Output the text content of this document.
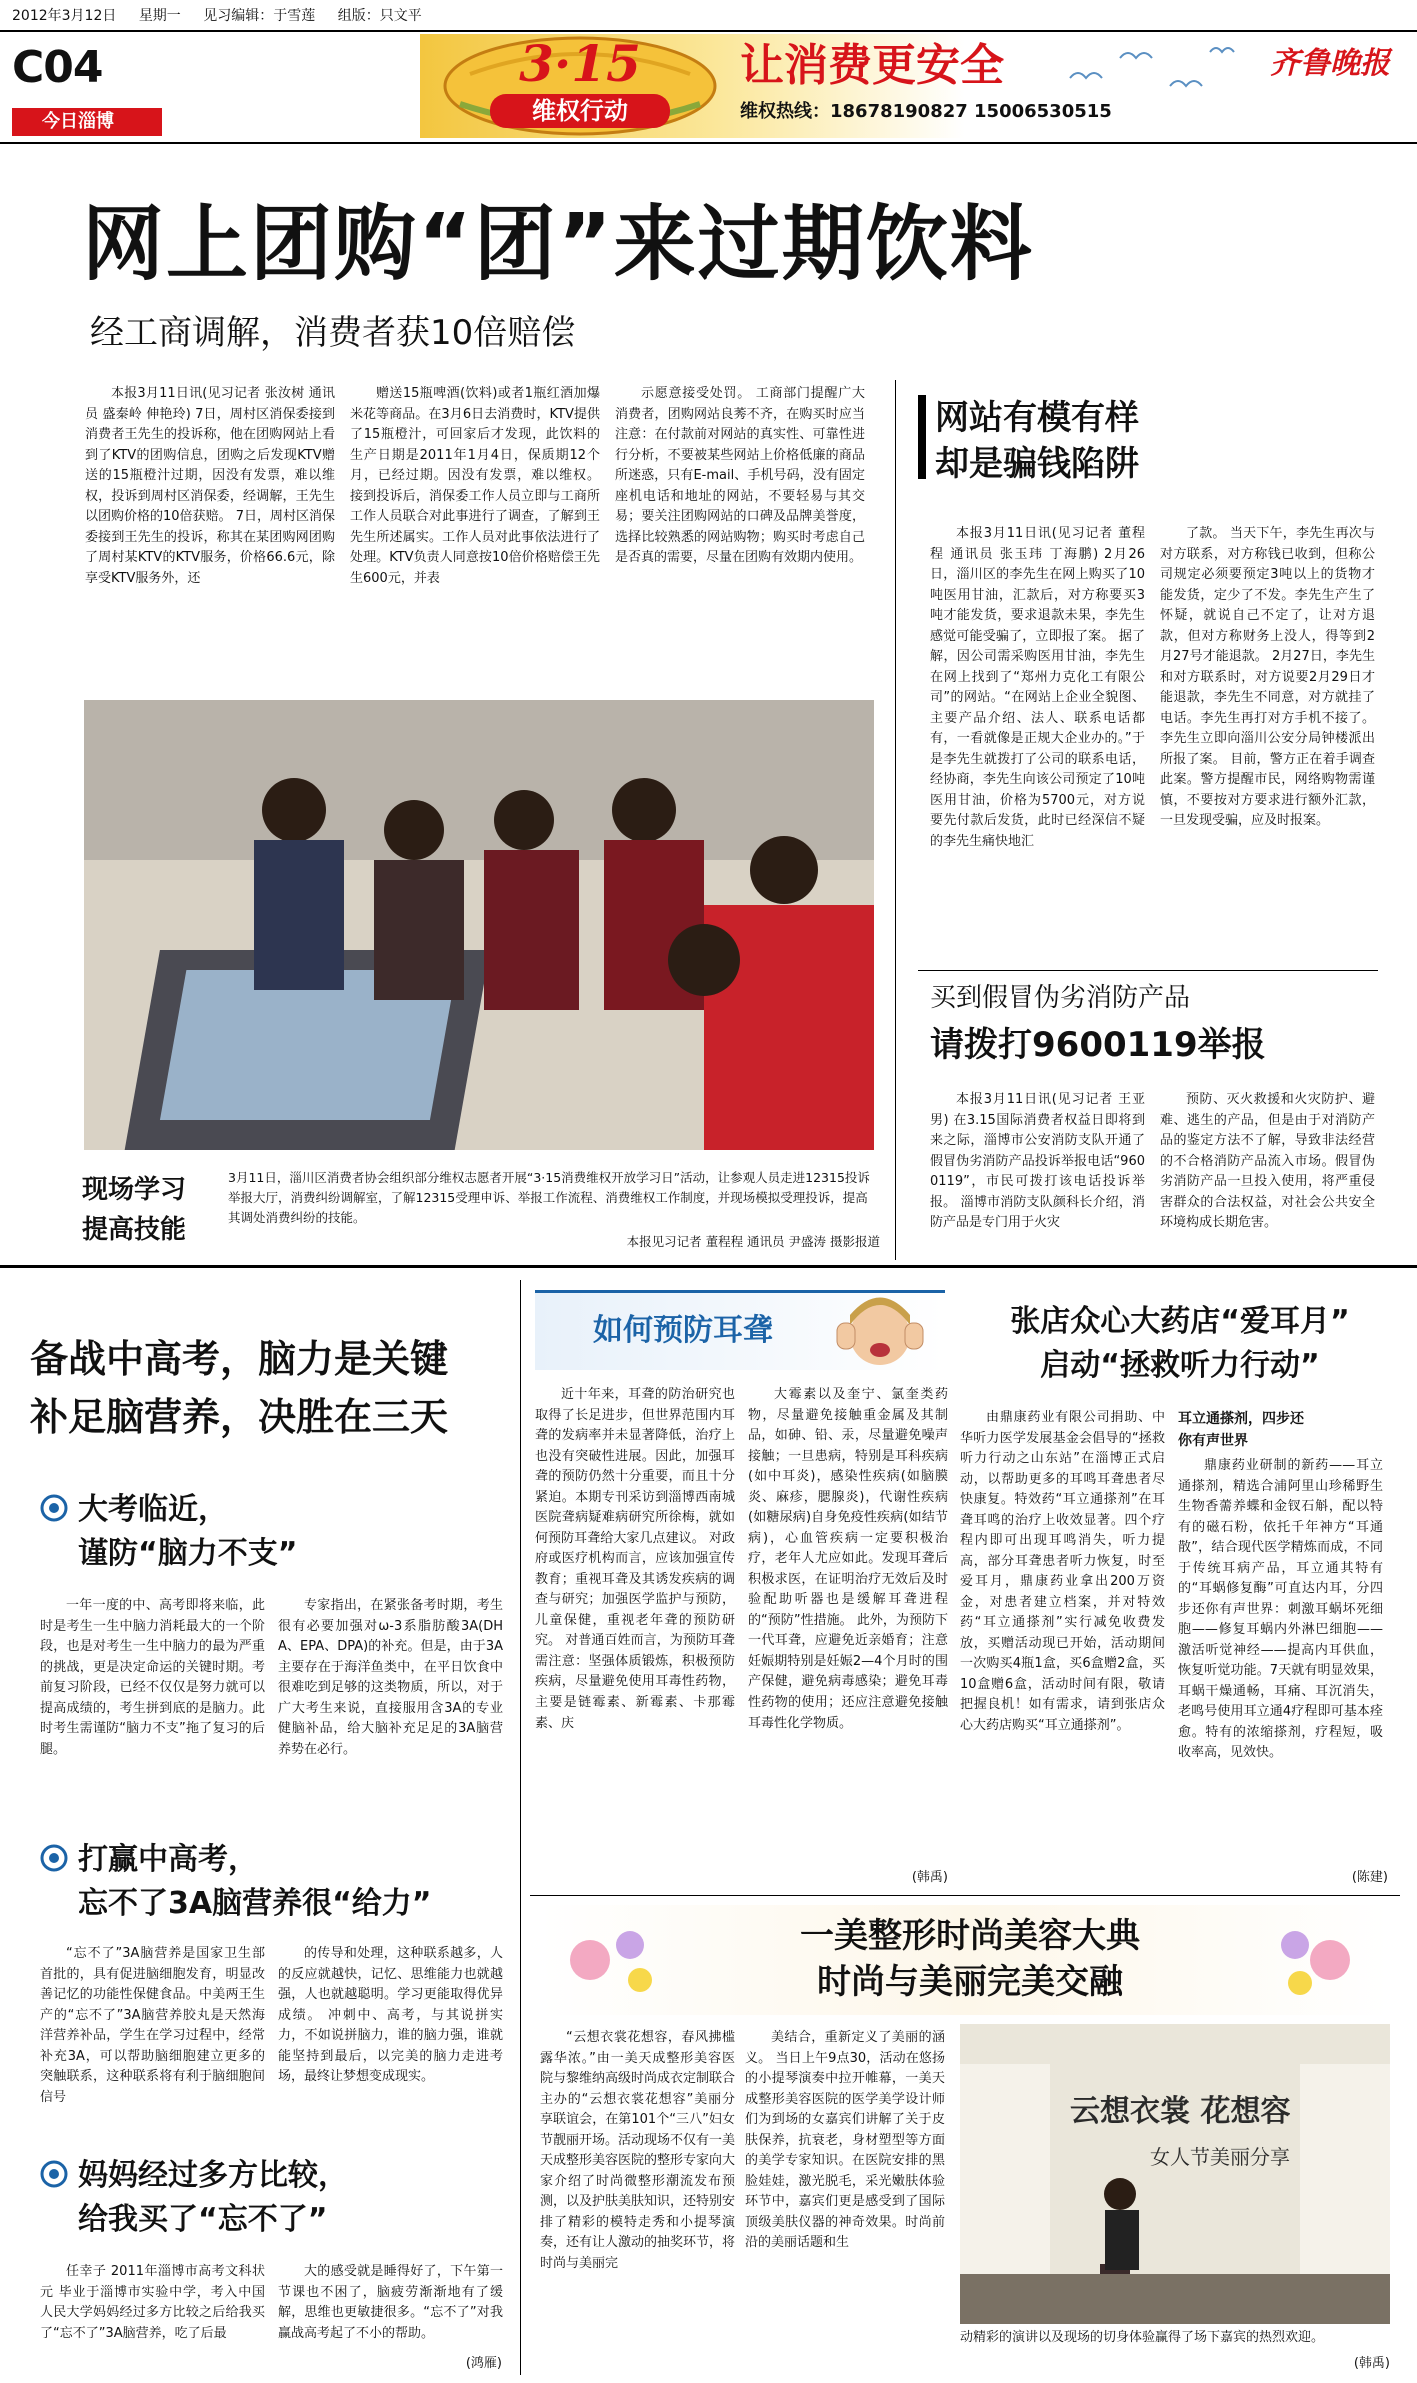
2012年3月12日 星期一 见习编辑：于雪莲 组版：只文平
C04
今日淄博
3·15
维权行动
让消费更安全
维权热线：18678190827 15006530515
齐鲁晚报
网上团购“团”来过期饮料
经工商调解，消费者获10倍赔偿
本报3月11日讯(见习记者 张汝树 通讯员 盛秦岭 伸艳玲) 7日，周村区消保委接到消费者王先生的投诉称，他在团购网站上看到了KTV的团购信息，团购之后发现KTV赠送的15瓶橙汁过期，因没有发票，难以维权，投诉到周村区消保委，经调解，王先生以团购价格的10倍获赔。 7日，周村区消保委接到王先生的投诉，称其在某团购网团购了周村某KTV的KTV服务，价格66.6元，除享受KTV服务外，还
赠送15瓶啤酒(饮料)或者1瓶红酒加爆米花等商品。在3月6日去消费时，KTV提供了15瓶橙汁，可回家后才发现，此饮料的生产日期是2011年1月4日，保质期12个月，已经过期。因没有发票，难以维权。 接到投诉后，消保委工作人员立即与工商所工作人员联合对此事进行了调查，了解到王先生所述属实。工作人员对此事依法进行了处理。KTV负责人同意按10倍价格赔偿王先生600元，并表
示愿意接受处罚。 工商部门提醒广大消费者，团购网站良莠不齐，在购买时应当注意：在付款前对网站的真实性、可靠性进行分析，不要被某些网站上价格低廉的商品所迷惑，只有E-mail、手机号码，没有固定座机电话和地址的网站，不要轻易与其交易；要关注团购网站的口碑及品牌美誉度，选择比较熟悉的网站购物；购买时考虑自己是否真的需要，尽量在团购有效期内使用。
现场学习
提高技能
3月11日，淄川区消费者协会组织部分维权志愿者开展“3·15消费维权开放学习日”活动，让参观人员走进12315投诉举报大厅，消费纠纷调解室，了解12315受理申诉、举报工作流程、消费维权工作制度，并现场模拟受理投诉，提高其调处消费纠纷的技能。
本报见习记者 董程程 通讯员 尹盛涛 摄影报道
网站有模有样
却是骗钱陷阱
本报3月11日讯(见习记者 董程程 通讯员 张玉玮 丁海鹏) 2月26日，淄川区的李先生在网上购买了10吨医用甘油，汇款后，对方称要买3吨才能发货，要求退款未果，李先生感觉可能受骗了，立即报了案。 据了解，因公司需采购医用甘油，李先生在网上找到了“郑州力克化工有限公司”的网站。“在网站上企业全貌图、主要产品介绍、法人、联系电话都有，一看就像是正规大企业办的。”于是李先生就拨打了公司的联系电话，经协商，李先生向该公司预定了10吨医用甘油，价格为5700元，对方说要先付款后发货，此时已经深信不疑的李先生痛快地汇
了款。 当天下午，李先生再次与对方联系，对方称钱已收到，但称公司规定必须要预定3吨以上的货物才能发货，定少了不发。李先生产生了怀疑，就说自己不定了，让对方退款，但对方称财务上没人，得等到2月27号才能退款。 2月27日，李先生和对方联系时，对方说要2月29日才能退款，李先生不同意，对方就挂了电话。李先生再打对方手机不接了。李先生立即向淄川公安分局钟楼派出所报了案。 目前，警方正在着手调查此案。警方提醒市民，网络购物需谨慎，不要按对方要求进行额外汇款，一旦发现受骗，应及时报案。
买到假冒伪劣消防产品
请拨打9600119举报
本报3月11日讯(见习记者 王亚男) 在3.15国际消费者权益日即将到来之际，淄博市公安消防支队开通了假冒伪劣消防产品投诉举报电话“9600119”，市民可拨打该电话投诉举报。 淄博市消防支队颜科长介绍，消防产品是专门用于火灾
预防、灭火救援和火灾防护、避难、逃生的产品，但是由于对消防产品的鉴定方法不了解，导致非法经营的不合格消防产品流入市场。假冒伪劣消防产品一旦投入使用，将严重侵害群众的合法权益，对社会公共安全环境构成长期危害。
备战中高考，脑力是关键
补足脑营养，决胜在三天
大考临近，
谨防“脑力不支”
一年一度的中、高考即将来临，此时是考生一生中脑力消耗最大的一个阶段，也是对考生一生中脑力的最为严重的挑战，更是决定命运的关键时期。考前复习阶段，已经不仅仅是努力就可以提高成绩的，考生拼到底的是脑力。此时考生需谨防“脑力不支”拖了复习的后腿。
专家指出，在紧张备考时期，考生很有必要加强对ω-3系脂肪酸3A(DHA、EPA、DPA)的补充。但是，由于3A主要存在于海洋鱼类中，在平日饮食中很难吃到足够的这类物质，所以，对于广大考生来说，直接服用含3A的专业健脑补品，给大脑补充足足的3A脑营养势在必行。
打赢中高考，
忘不了3A脑营养很“给力”
“忘不了”3A脑营养是国家卫生部首批的，具有促进脑细胞发育，明显改善记忆的功能性保健食品。中美两王生产的“忘不了”3A脑营养胶丸是天然海洋营养补品，学生在学习过程中，经常补充3A，可以帮助脑细胞建立更多的突触联系，这种联系将有利于脑细胞间信号
的传导和处理，这种联系越多，人的反应就越快，记忆、思维能力也就越强，人也就越聪明。学习更能取得优异成绩。 冲刺中、高考，与其说拼实力，不如说拼脑力，谁的脑力强，谁就能坚持到最后，以完美的脑力走进考场，最终让梦想变成现实。
妈妈经过多方比较，
给我买了“忘不了”
任幸子 2011年淄博市高考文科状元 毕业于淄博市实验中学，考入中国人民大学妈妈经过多方比较之后给我买了“忘不了”3A脑营养，吃了后最
大的感受就是睡得好了，下午第一节课也不困了，脑疲劳渐渐地有了缓解，思维也更敏捷很多。“忘不了”对我赢战高考起了不小的帮助。
(鸿雁)
如何预防耳聋
近十年来，耳聋的防治研究也取得了长足进步，但世界范围内耳聋的发病率并未显著降低，治疗上也没有突破性进展。因此，加强耳聋的预防仍然十分重要，而且十分紧迫。本期专刊采访到淄博西南城医院聋病疑难病研究所徐梅，就如何预防耳聋给大家几点建议。 对政府或医疗机构而言，应该加强宣传教育；重视耳聋及其诱发疾病的调查与研究；加强医学监护与预防，儿童保健，重视老年聋的预防研究。 对普通百姓而言，为预防耳聋需注意：坚强体质锻炼，积极预防疾病，尽量避免使用耳毒性药物，主要是链霉素、新霉素、卡那霉素、庆
大霉素以及奎宁、氯奎类药物，尽量避免接触重金属及其制品，如砷、铅、汞，尽量避免噪声接触；一旦患病，特别是耳科疾病(如中耳炎)，感染性疾病(如脑膜炎、麻疹，腮腺炎)，代谢性疾病(如糖尿病)自身免疫性疾病(如结节病)，心血管疾病一定要积极治疗，老年人尤应如此。发现耳聋后积极求医，在证明治疗无效后及时验配助听器也是缓解耳聋进程的“预防”性措施。 此外，为预防下一代耳聋，应避免近亲婚育；注意妊娠期特别是妊娠2—4个月时的围产保健，避免病毒感染；避免耳毒性药物的使用；还应注意避免接触耳毒性化学物质。
(韩禹)
张店众心大药店“爱耳月”
启动“拯救听力行动”
由鼎康药业有限公司捐助、中华听力医学发展基金会倡导的“拯救听力行动之山东站”在淄博正式启动，以帮助更多的耳鸣耳聋患者尽快康复。特效药“耳立通搽剂”在耳聋耳鸣的治疗上收效显著。四个疗程内即可出现耳鸣消失，听力提高，部分耳聋患者听力恢复，时至爱耳月，鼎康药业拿出200万资金，对患者建立档案，并对特效药“耳立通搽剂”实行减免收费发放，买赠活动现已开始，活动期间一次购买4瓶1盒，买6盒赠2盒，买10盒赠6盒，活动时间有限，敬请把握良机！如有需求，请到张店众心大药店购买“耳立通搽剂”。
耳立通搽剂，四步还
你有声世界
鼎康药业研制的新药——耳立通搽剂，精选合浦阿里山珍稀野生生物香薷养蝶和金钗石斛，配以特有的磁石粉，依托千年神方“耳通散”，结合现代医学精炼而成，不同于传统耳病产品，耳立通其特有的“耳蜗修复酶”可直达内耳，分四步还你有声世界：刺激耳蜗坏死细胞——修复耳蜗内外淋巴细胞——激活听觉神经——提高内耳供血，恢复听觉功能。7天就有明显效果，耳蜗干燥通畅，耳痛、耳沉消失，老鸣号使用耳立通4疗程即可基本痊愈。特有的浓缩搽剂，疗程短，吸收率高，见效快。
(陈建)
一美整形时尚美容大典
时尚与美丽完美交融
“云想衣裳花想容，春风拂槛露华浓。”由一美天成整形美容医院与黎维纳高级时尚成衣定制联合主办的“云想衣裳花想容”美丽分享联谊会，在第101个“三八”妇女节靓丽开场。活动现场不仅有一美天成整形美容医院的整形专家向大家介绍了时尚微整形潮流发布预测，以及护肤美肤知识，还特别安排了精彩的模特走秀和小提琴演奏，还有让人激动的抽奖环节，将时尚与美丽完
美结合，重新定义了美丽的涵义。 当日上午9点30，活动在悠扬的小提琴演奏中拉开帷幕，一美天成整形美容医院的医学美学设计师们为到场的女嘉宾们讲解了关于皮肤保养，抗衰老，身材塑型等方面的美学专家知识。在医院安排的黑脸娃娃，激光脱毛，采光嫩肤体验环节中，嘉宾们更是感受到了国际顶级美肤仪器的神奇效果。时尚前沿的美丽话题和生
云想衣裳 花想容
女人节美丽分享
动精彩的演讲以及现场的切身体验赢得了场下嘉宾的热烈欢迎。
(韩禹)
